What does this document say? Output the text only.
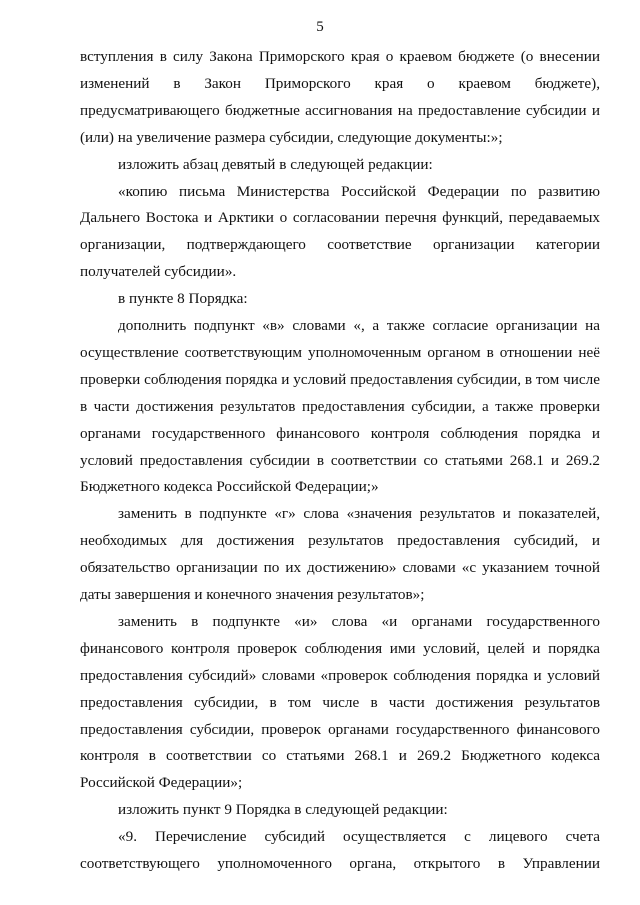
5
вступления в силу Закона Приморского края о краевом бюджете (о внесении
изменений в Закон Приморского края о краевом бюджете),
предусматривающего бюджетные ассигнования на предоставление субсидии и
(или) на увеличение размера субсидии, следующие документы:»;
изложить абзац девятый в следующей редакции:
«копию письма Министерства Российской Федерации по развитию
Дальнего Востока и Арктики о согласовании перечня функций, передаваемых
организации, подтверждающего соответствие организации категории
получателей субсидии».
в пункте 8 Порядка:
дополнить подпункт «в» словами «, а также согласие организации на
осуществление соответствующим уполномоченным органом в отношении неё
проверки соблюдения порядка и условий предоставления субсидии, в том числе
в части достижения результатов предоставления субсидии, а также проверки
органами государственного финансового контроля соблюдения порядка и
условий предоставления субсидии в соответствии со статьями 268.1 и 269.2
Бюджетного кодекса Российской Федерации;»
заменить в подпункте «г» слова «значения результатов и показателей,
необходимых для достижения результатов предоставления субсидий, и
обязательство организации по их достижению» словами «с указанием точной
даты завершения и конечного значения результатов»;
заменить в подпункте «и» слова «и органами государственного
финансового контроля проверок соблюдения ими условий, целей и порядка
предоставления субсидий» словами «проверок соблюдения порядка и условий
предоставления субсидии, в том числе в части достижения результатов
предоставления субсидии, проверок органами государственного финансового
контроля в соответствии со статьями 268.1 и 269.2 Бюджетного кодекса
Российской Федерации»;
изложить пункт 9 Порядка в следующей редакции:
«9. Перечисление субсидий осуществляется с лицевого счета
соответствующего уполномоченного органа, открытого в Управлении
